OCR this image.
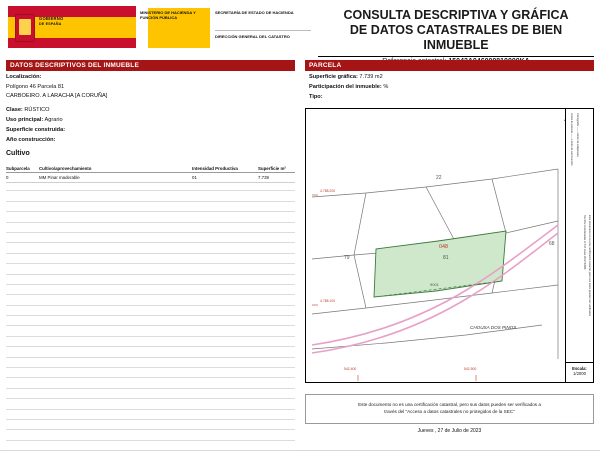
GOBIERNO
DE ESPAÑA
MINISTERIO DE HACIENDA Y FUNCIÓN PÚBLICA
SECRETARÍA DE ESTADO DE HACIENDA
DIRECCIÓN GENERAL DEL CATASTRO
CONSULTA DESCRIPTIVA Y GRÁFICA
DE DATOS CATASTRALES DE BIEN INMUEBLE
DATOS DESCRIPTIVOS DEL INMUEBLE	PARCELA
Localización:
Polígono 46 Parcela 81
CARBOEIRO. A LARACHA [A CORUÑA]
Clase: RÚSTICO
Uso principal: Agrario
Superficie construida:
Año construcción:
Cultivo
Subparcela Cultivo/aprovechamiento	Intensidad Productiva	Superficie m²
0	MM Pinar maderable	01	7.739
Superficie gráfica: 7.739 m2
Participación del inmueble: %
Tipo:
22
79
68
9001
048
81
CHOUSA DOS PINOS
4.788.200
4.788.100
542.400	542.500
Límite de parcela —— Límite de construcción Cartografía —— Límite de subparcela
SG.SIG Coordenadas U.T.M. Huso 29 ETRS89 Este documento no es una certificación catastral, pero sus datos pueden ser verificados
Escala:
1/2000
Este documento no es una certificación catastral, pero sus datos pueden ser verificados a
través del "Acceso a datos catastrales no protegidos de la SEC"
Jueves , 27 de Julio de 2023
